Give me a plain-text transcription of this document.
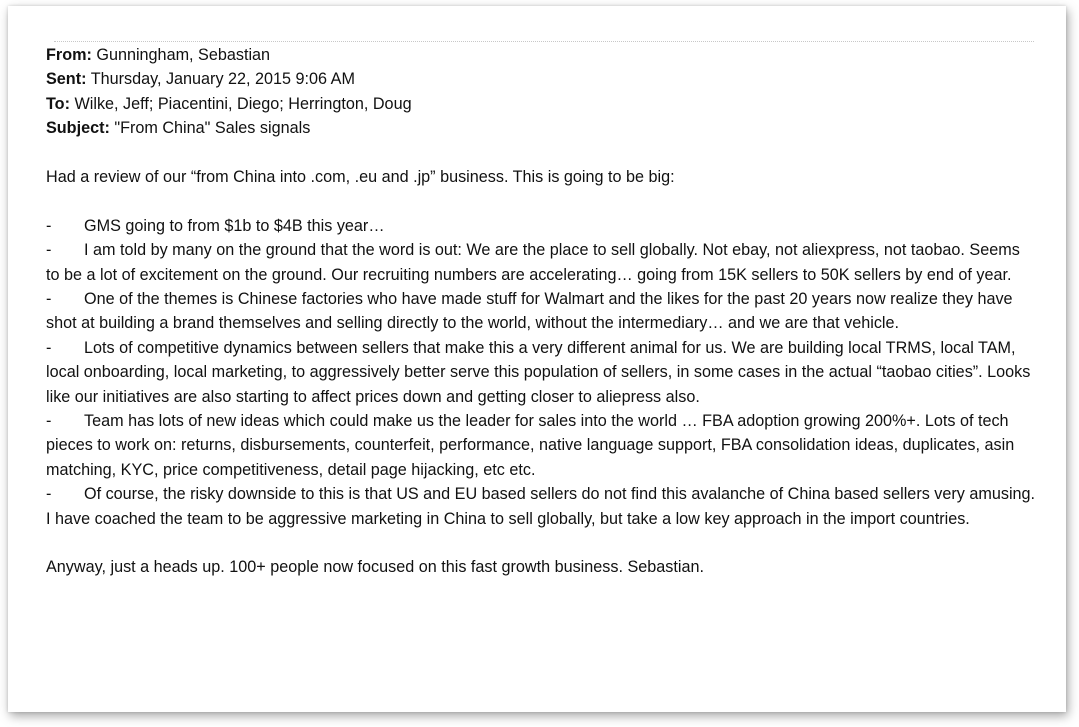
From: Gunningham, Sebastian
Sent: Thursday, January 22, 2015 9:06 AM
To: Wilke, Jeff; Piacentini, Diego; Herrington, Doug
Subject: "From China" Sales signals
Had a review of our “from China into .com, .eu and .jp” business. This is going to be big:
- GMS going to from $1b to $4B this year…
- I am told by many on the ground that the word is out: We are the place to sell globally. Not ebay, not aliexpress, not taobao. Seems to be a lot of excitement on the ground. Our recruiting numbers are accelerating… going from 15K sellers to 50K sellers by end of year.
- One of the themes is Chinese factories who have made stuff for Walmart and the likes for the past 20 years now realize they have shot at building a brand themselves and selling directly to the world, without the intermediary… and we are that vehicle.
- Lots of competitive dynamics between sellers that make this a very different animal for us. We are building local TRMS, local TAM, local onboarding, local marketing, to aggressively better serve this population of sellers, in some cases in the actual “taobao cities”. Looks like our initiatives are also starting to affect prices down and getting closer to aliepress also.
- Team has lots of new ideas which could make us the leader for sales into the world … FBA adoption growing 200%+. Lots of tech pieces to work on: returns, disbursements, counterfeit, performance, native language support, FBA consolidation ideas, duplicates, asin matching, KYC, price competitiveness, detail page hijacking, etc etc.
- Of course, the risky downside to this is that US and EU based sellers do not find this avalanche of China based sellers very amusing. I have coached the team to be aggressive marketing in China to sell globally, but take a low key approach in the import countries.
Anyway, just a heads up. 100+ people now focused on this fast growth business. Sebastian.
